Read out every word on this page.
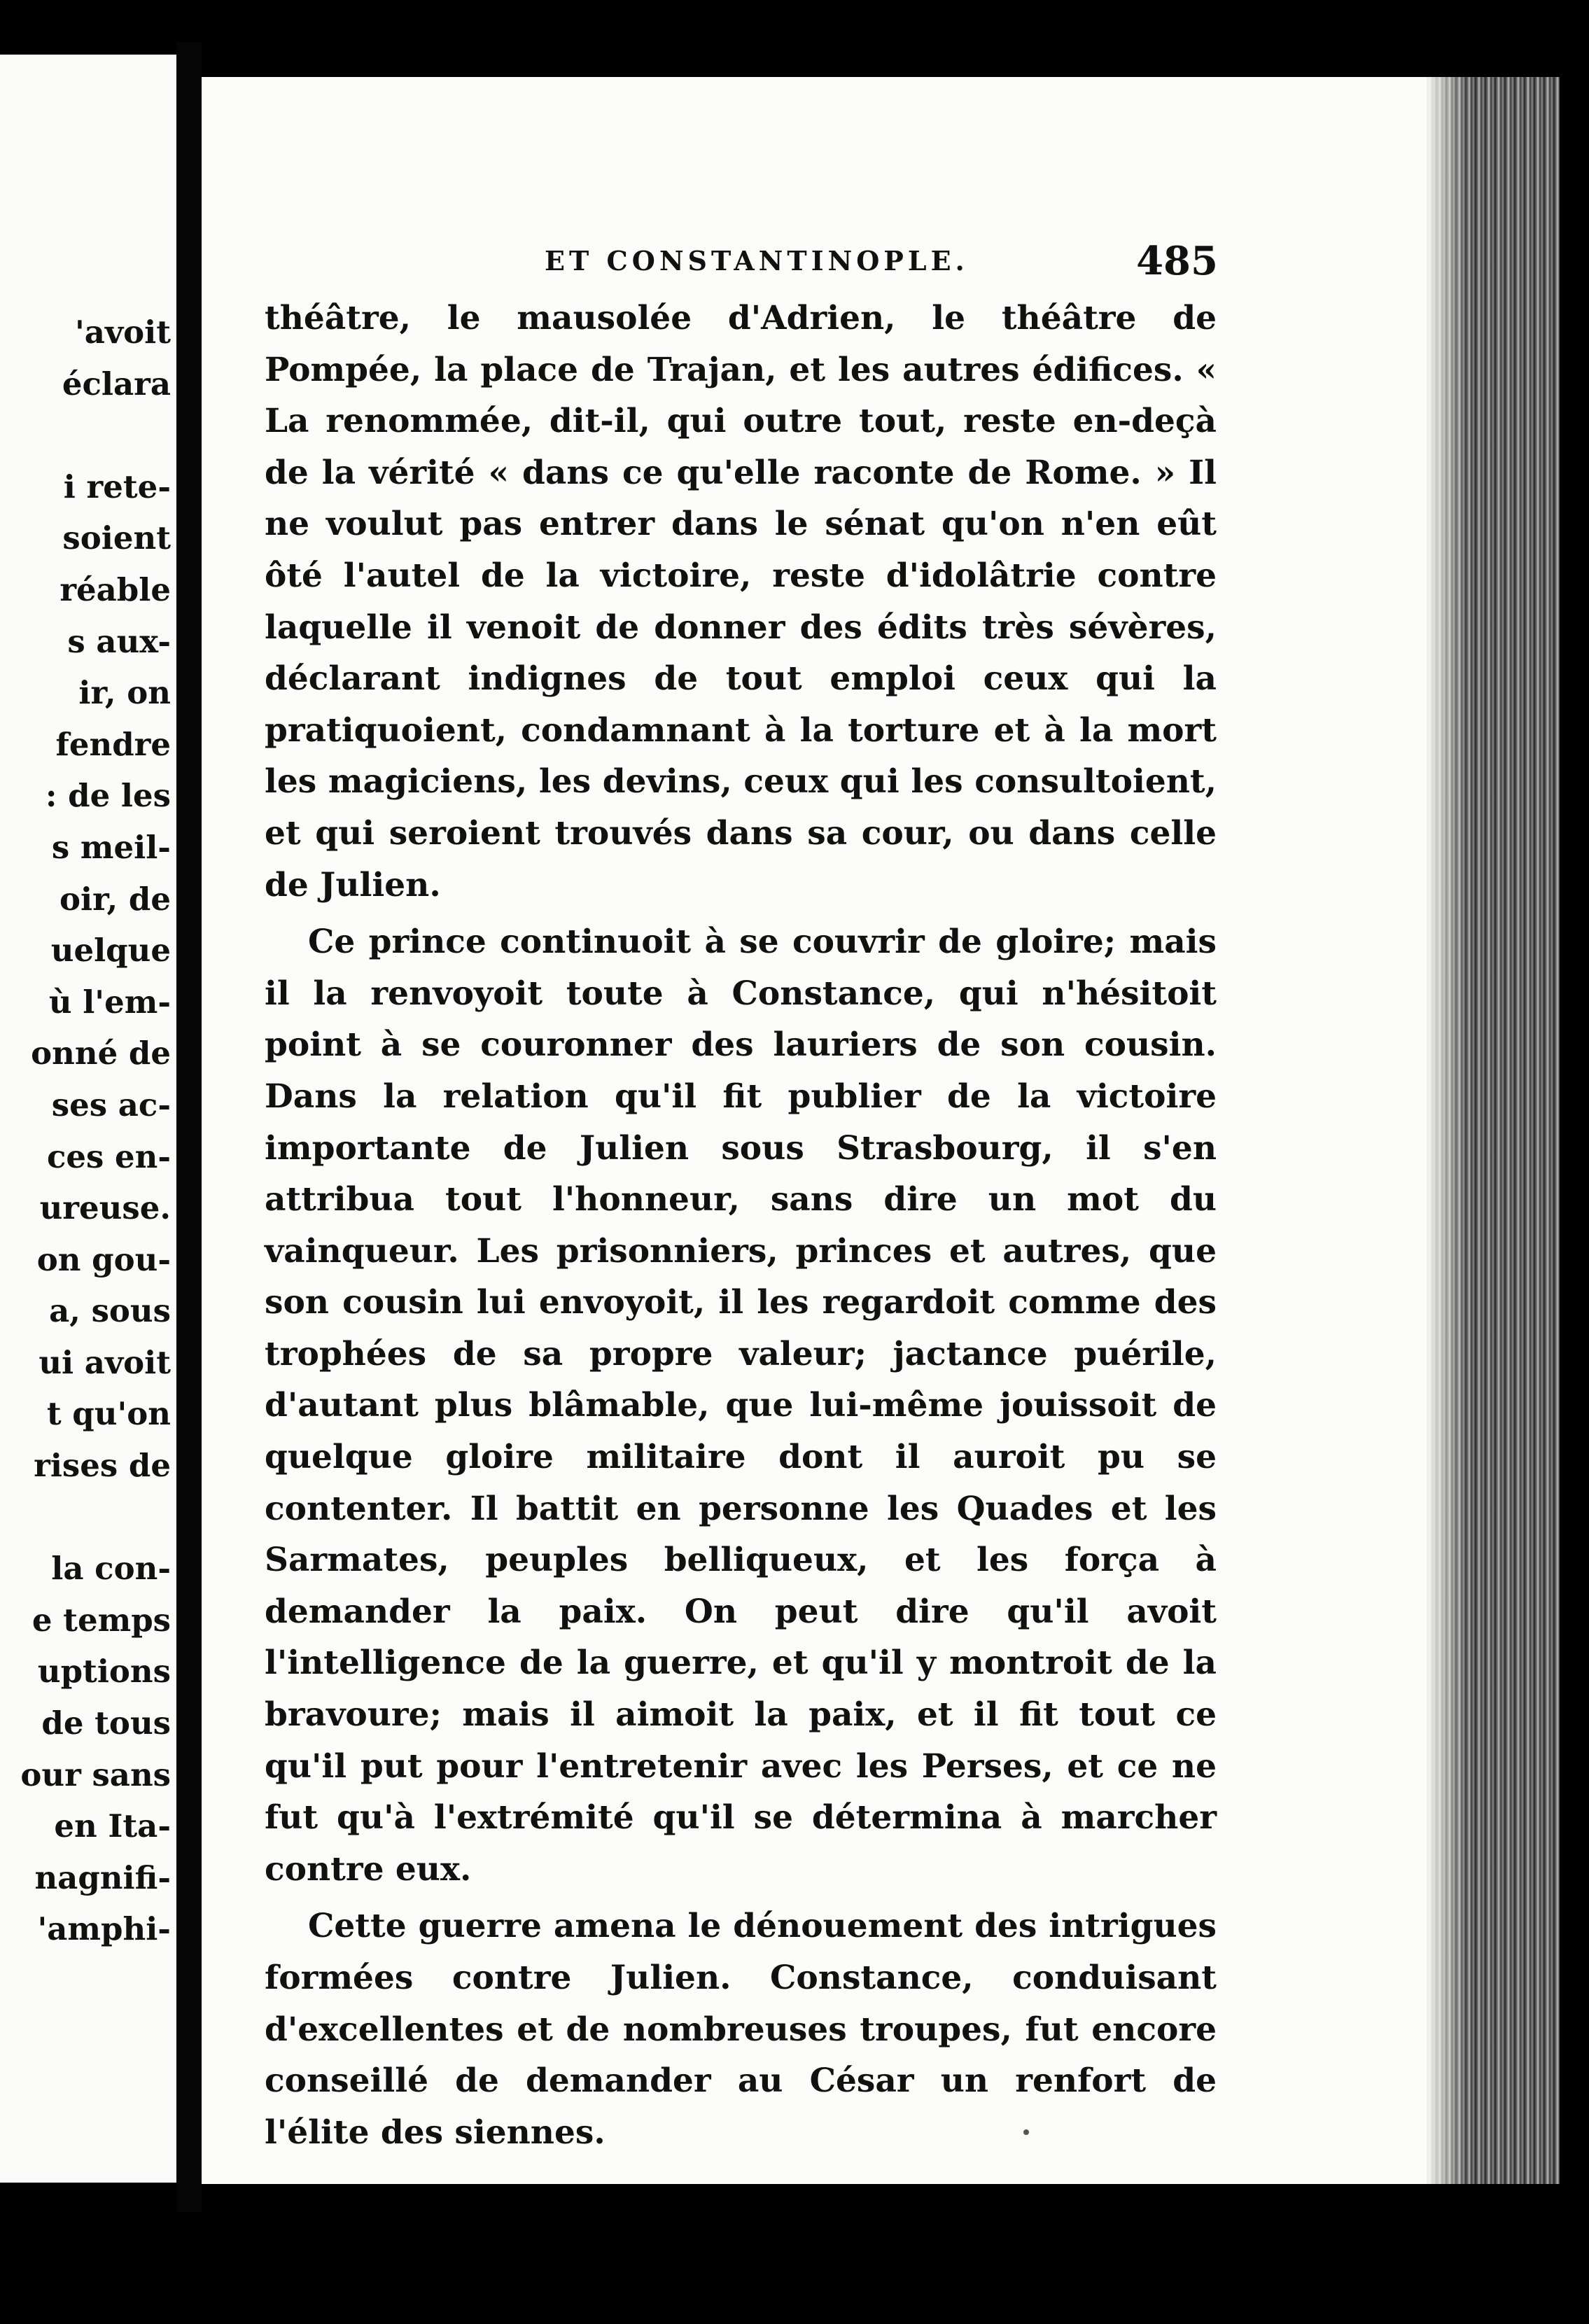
'avoit
éclara

i rete-
soient
réable
s aux-
ir, on
fendre
: de les
s meil-
oir, de
uelque
ù l'em-
onné de
ses ac-
ces en-
ureuse.
on gou-
a, sous
ui avoit
t qu'on
rises de

la con-
e temps
uptions
de tous
our sans
en Ita-
nagnifi-
'amphi-
ET CONSTANTINOPLE.	485

théâtre, le mausolée d'Adrien, le théâtre de Pompée, la place de Trajan, et les autres édifices. « La renommée, dit-il, qui outre tout, reste en-deçà de la vérité « dans ce qu'elle raconte de Rome. » Il ne voulut pas entrer dans le sénat qu'on n'en eût ôté l'autel de la victoire, reste d'idolâtrie contre laquelle il venoit de donner des édits très sévères, déclarant indignes de tout emploi ceux qui la pratiquoient, condamnant à la torture et à la mort les magiciens, les devins, ceux qui les consultoient, et qui seroient trouvés dans sa cour, ou dans celle de Julien.

Ce prince continuoit à se couvrir de gloire; mais il la renvoyoit toute à Constance, qui n'hésitoit point à se couronner des lauriers de son cousin. Dans la relation qu'il fit publier de la victoire importante de Julien sous Strasbourg, il s'en attribua tout l'honneur, sans dire un mot du vainqueur. Les prisonniers, princes et autres, que son cousin lui envoyoit, il les regardoit comme des trophées de sa propre valeur; jactance puérile, d'autant plus blâmable, que lui-même jouissoit de quelque gloire militaire dont il auroit pu se contenter. Il battit en personne les Quades et les Sarmates, peuples belliqueux, et les força à demander la paix. On peut dire qu'il avoit l'intelligence de la guerre, et qu'il y montroit de la bravoure; mais il aimoit la paix, et il fit tout ce qu'il put pour l'entretenir avec les Perses, et ce ne fut qu'à l'extrémité qu'il se détermina à marcher contre eux.

Cette guerre amena le dénouement des intrigues formées contre Julien. Constance, conduisant d'excellentes et de nombreuses troupes, fut encore conseillé de demander au César un renfort de l'élite des siennes.
